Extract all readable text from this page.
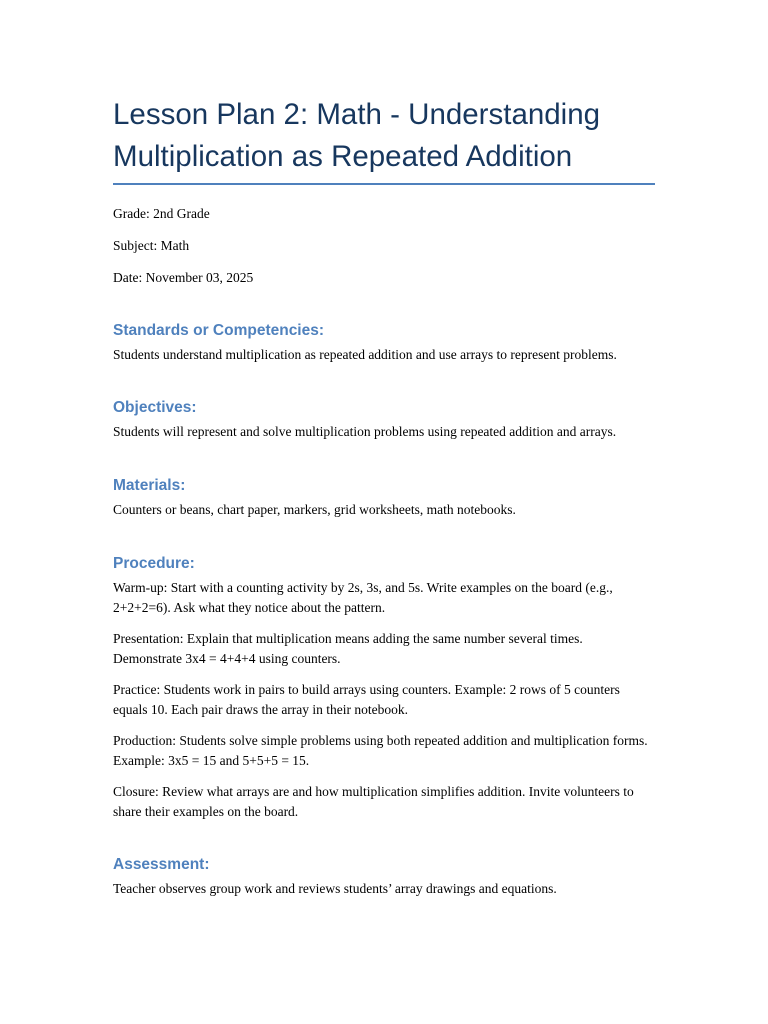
Lesson Plan 2: Math - Understanding Multiplication as Repeated Addition

Grade: 2nd Grade

Subject: Math

Date: November 03, 2025

Standards or Competencies:

Students understand multiplication as repeated addition and use arrays to represent problems.

Objectives:

Students will represent and solve multiplication problems using repeated addition and arrays.

Materials:

Counters or beans, chart paper, markers, grid worksheets, math notebooks.

Procedure:

Warm-up: Start with a counting activity by 2s, 3s, and 5s. Write examples on the board (e.g., 2+2+2=6). Ask what they notice about the pattern.

Presentation: Explain that multiplication means adding the same number several times. Demonstrate 3x4 = 4+4+4 using counters.

Practice: Students work in pairs to build arrays using counters. Example: 2 rows of 5 counters equals 10. Each pair draws the array in their notebook.

Production: Students solve simple problems using both repeated addition and multiplication forms. Example: 3x5 = 15 and 5+5+5 = 15.

Closure: Review what arrays are and how multiplication simplifies addition. Invite volunteers to share their examples on the board.

Assessment:

Teacher observes group work and reviews students’ array drawings and equations.
